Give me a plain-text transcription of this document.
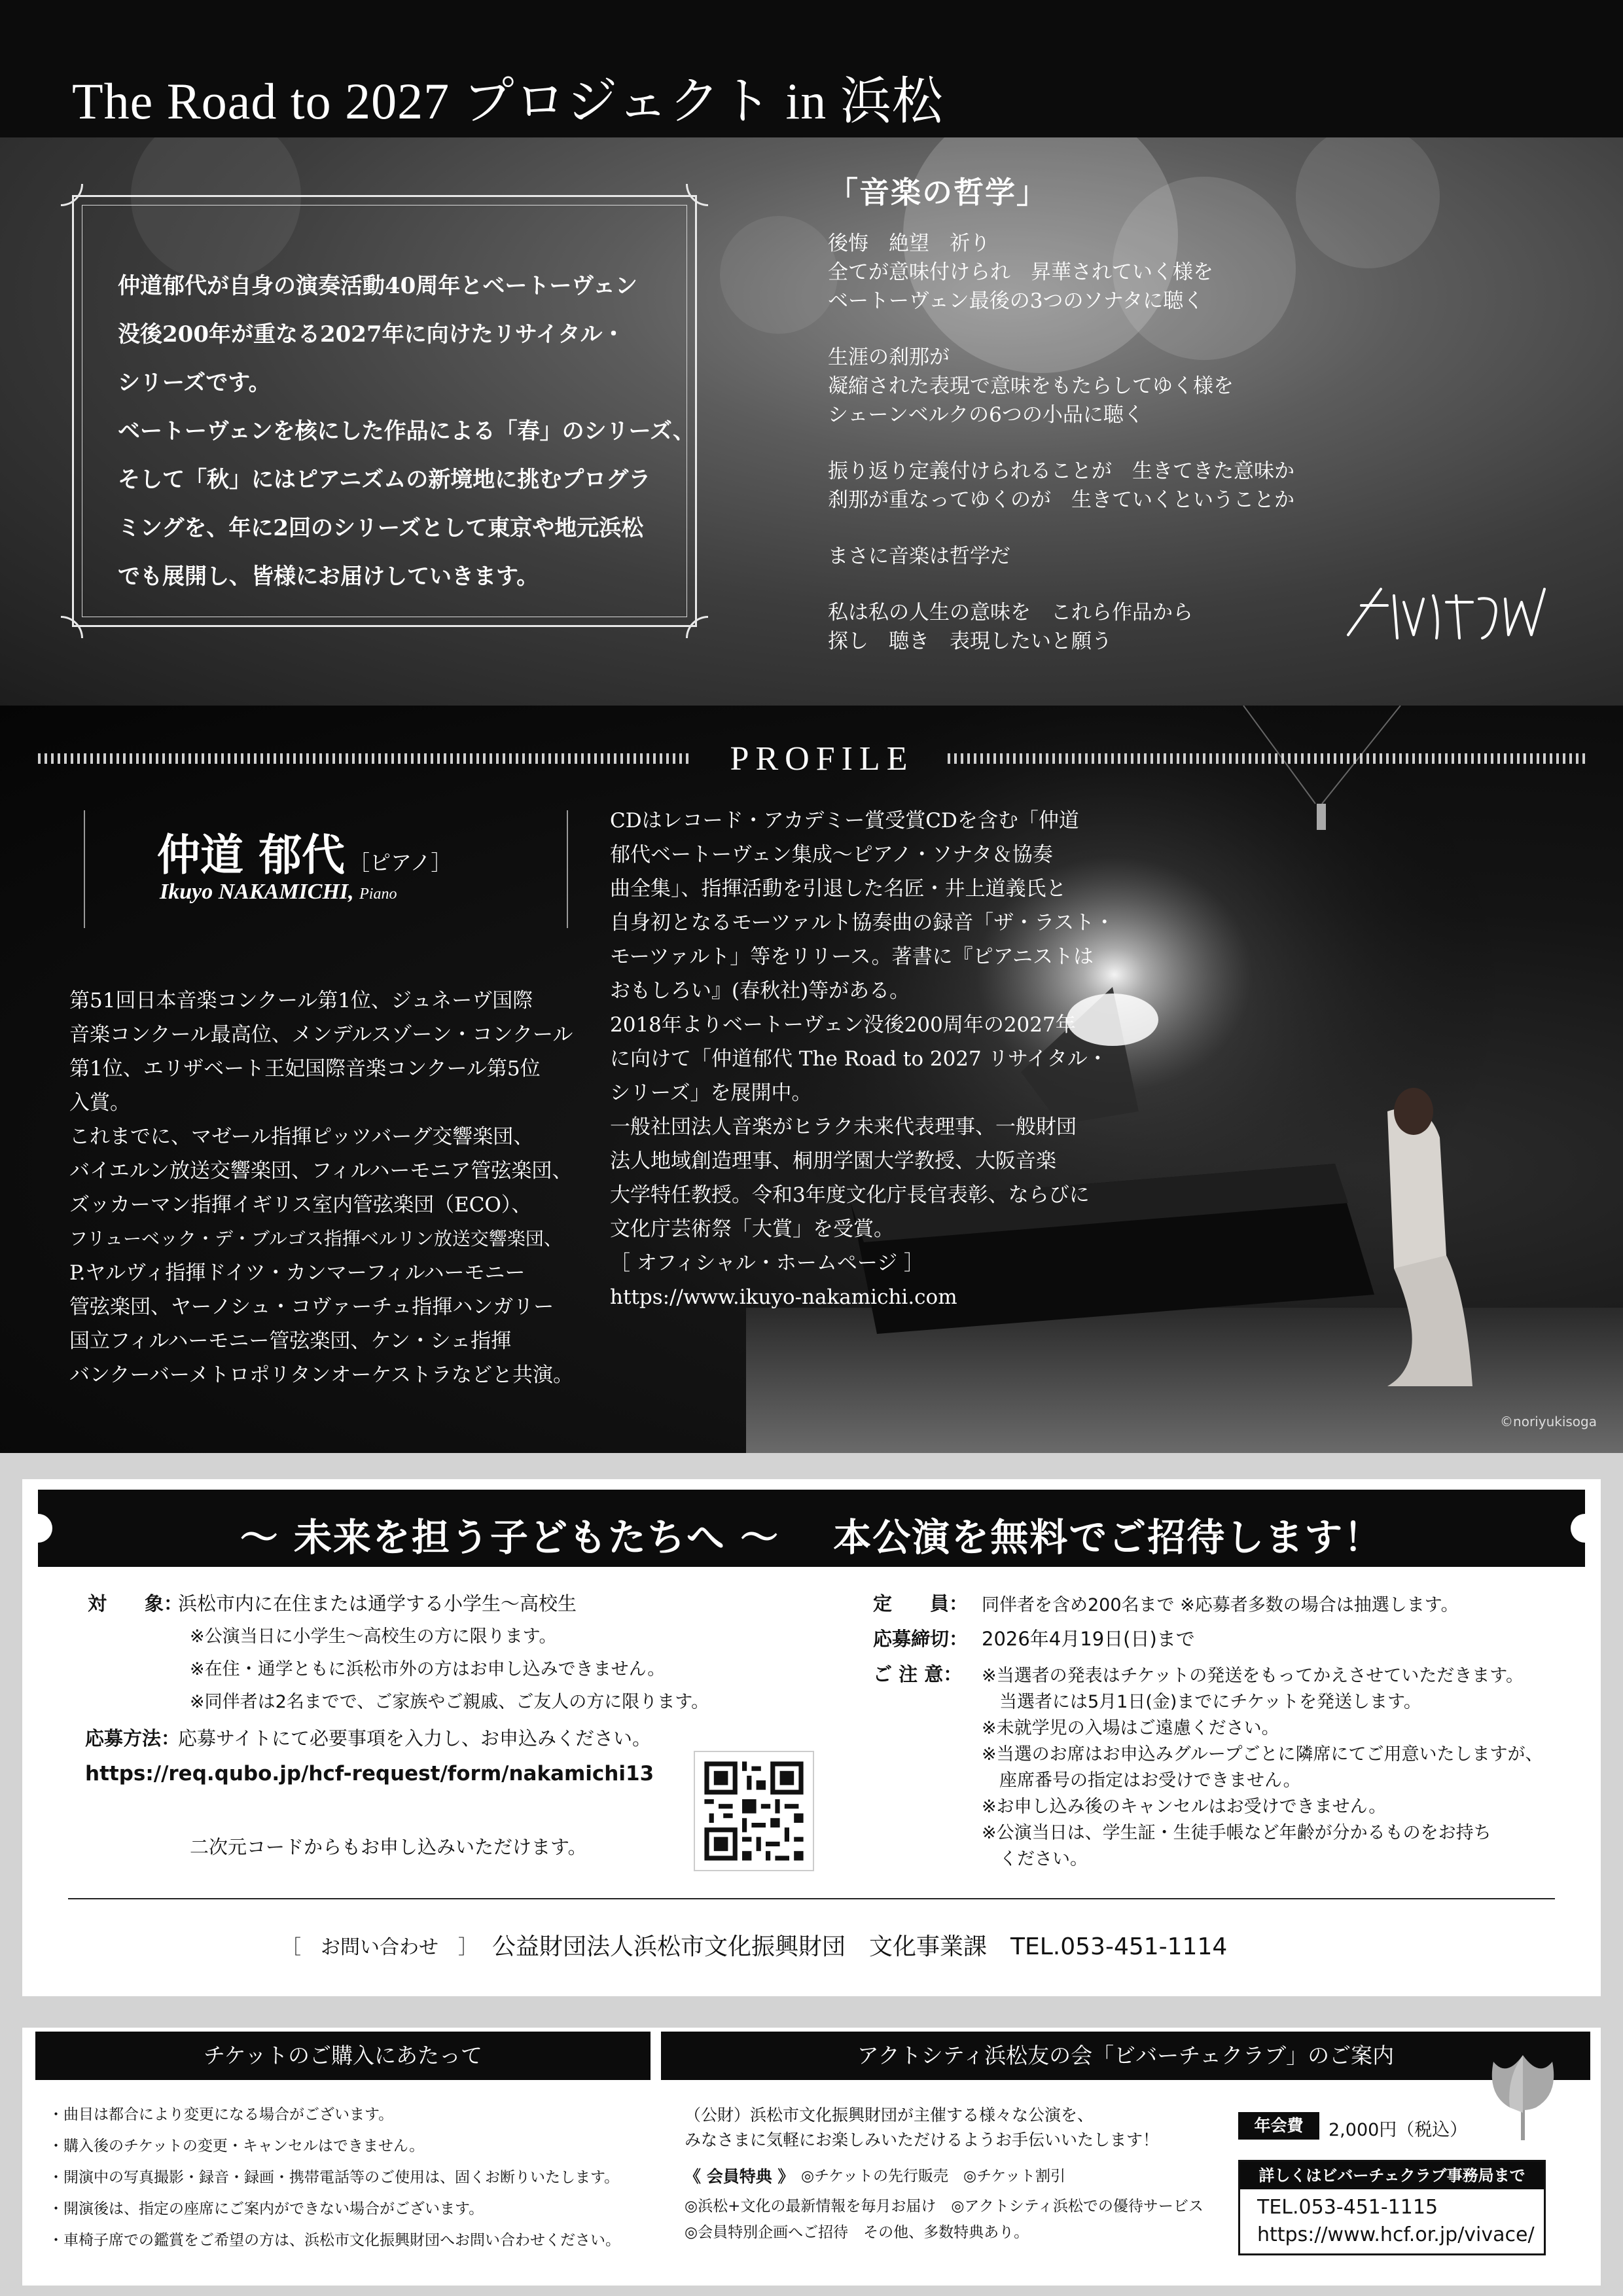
The Road to 2027 プロジェクト in 浜松

仲道郁代が自身の演奏活動40周年とベートーヴェン

没後200年が重なる2027年に向けたリサイタル・

シリーズです。

ベートーヴェンを核にした作品による「春」のシリーズ、

そして「秋」にはピアニズムの新境地に挑むプログラ

ミングを、年に2回のシリーズとして東京や地元浜松

でも展開し、皆様にお届けしていきます。

「音楽の哲学」
後悔　絶望　祈り
全てが意味付けられ　昇華されていく様を
ベートーヴェン最後の3つのソナタに聴く
生涯の刹那が
凝縮された表現で意味をもたらしてゆく様を
シェーンベルクの6つの小品に聴く
振り返り定義付けられることが　生きてきた意味か
刹那が重なってゆくのが　生きていくということか
まさに音楽は哲学だ
私は私の人生の意味を　これら作品から
探し　聴き　表現したいと願う
PROFILE
仲道 郁代 ［ピアノ］
Ikuyo NAKAMICHI, Piano

第51回日本音楽コンクール第1位、ジュネーヴ国際

音楽コンクール最高位、メンデルスゾーン・コンクール

第1位、エリザベート王妃国際音楽コンクール第5位

入賞。

これまでに、マゼール指揮ピッツバーグ交響楽団、

バイエルン放送交響楽団、フィルハーモニア管弦楽団、

ズッカーマン指揮イギリス室内管弦楽団（ECO）、

フリューベック・デ・ブルゴス指揮ベルリン放送交響楽団、

P.ヤルヴィ指揮ドイツ・カンマーフィルハーモニー

管弦楽団、ヤーノシュ・コヴァーチュ指揮ハンガリー

国立フィルハーモニー管弦楽団、ケン・シェ指揮

バンクーバーメトロポリタンオーケストラなどと共演。

CDはレコード・アカデミー賞受賞CDを含む「仲道

郁代ベートーヴェン集成～ピアノ・ソナタ＆協奏

曲全集」、指揮活動を引退した名匠・井上道義氏と

自身初となるモーツァルト協奏曲の録音「ザ・ラスト・

モーツァルト」等をリリース。著書に『ピアニストは

おもしろい』(春秋社)等がある。

2018年よりベートーヴェン没後200周年の2027年

に向けて「仲道郁代 The Road to 2027 リサイタル・

シリーズ」を展開中。

一般社団法人音楽がヒラク未来代表理事、一般財団

法人地域創造理事、桐朋学園大学教授、大阪音楽

大学特任教授。令和3年度文化庁長官表彰、ならびに

文化庁芸術祭「大賞」を受賞。

［ オフィシャル・ホームページ ］

https://www.ikuyo-nakamichi.com

©noriyukisoga
～ 未来を担う子どもたちへ ～　 本公演を無料でご招待します！
対　　象：
浜松市内に在住または通学する小学生～高校生
※公演当日に小学生～高校生の方に限ります。
※在住・通学ともに浜松市外の方はお申し込みできません。
※同伴者は2名までで、ご家族やご親戚、ご友人の方に限ります。
応募方法：
応募サイトにて必要事項を入力し、お申込みください。
https://req.qubo.jp/hcf-request/form/nakamichi13
二次元コードからもお申し込みいただけます。
定　　員： 同伴者を含め200名まで ※応募者多数の場合は抽選します。
応募締切： 2026年4月19日(日)まで
ご 注 意： ※当選者の発表はチケットの発送をもってかえさせていただきます。
　当選者には5月1日(金)までにチケットを発送します。
※未就学児の入場はご遠慮ください。
※当選のお席はお申込みグループごとに隣席にてご用意いたしますが、
　座席番号の指定はお受けできません。
※お申し込み後のキャンセルはお受けできません。
※公演当日は、学生証・生徒手帳など年齢が分かるものをお持ち
　ください。
［　お問い合わせ　］ 公益財団法人浜松市文化振興財団　文化事業課　TEL.053-451-1114
チケットのご購入にあたって
・曲目は都合により変更になる場合がございます。
・購入後のチケットの変更・キャンセルはできません。
・開演中の写真撮影・録音・録画・携帯電話等のご使用は、固くお断りいたします。
・開演後は、指定の座席にご案内ができない場合がございます。
・車椅子席での鑑賞をご希望の方は、浜松市文化振興財団へお問い合わせください。
アクトシティ浜松友の会「ビバーチェクラブ」のご案内
（公財）浜松市文化振興財団が主催する様々な公演を、
みなさまに気軽にお楽しみいただけるようお手伝いいたします！
《 会員特典 》 ◎チケットの先行販売　◎チケット割引
◎浜松+文化の最新情報を毎月お届け　◎アクトシティ浜松での優待サービス
◎会員特別企画へご招待　その他、多数特典あり。
年会費	2,000円（税込）
詳しくはビバーチェクラブ事務局まで
TEL.053-451-1115
https://www.hcf.or.jp/vivace/
